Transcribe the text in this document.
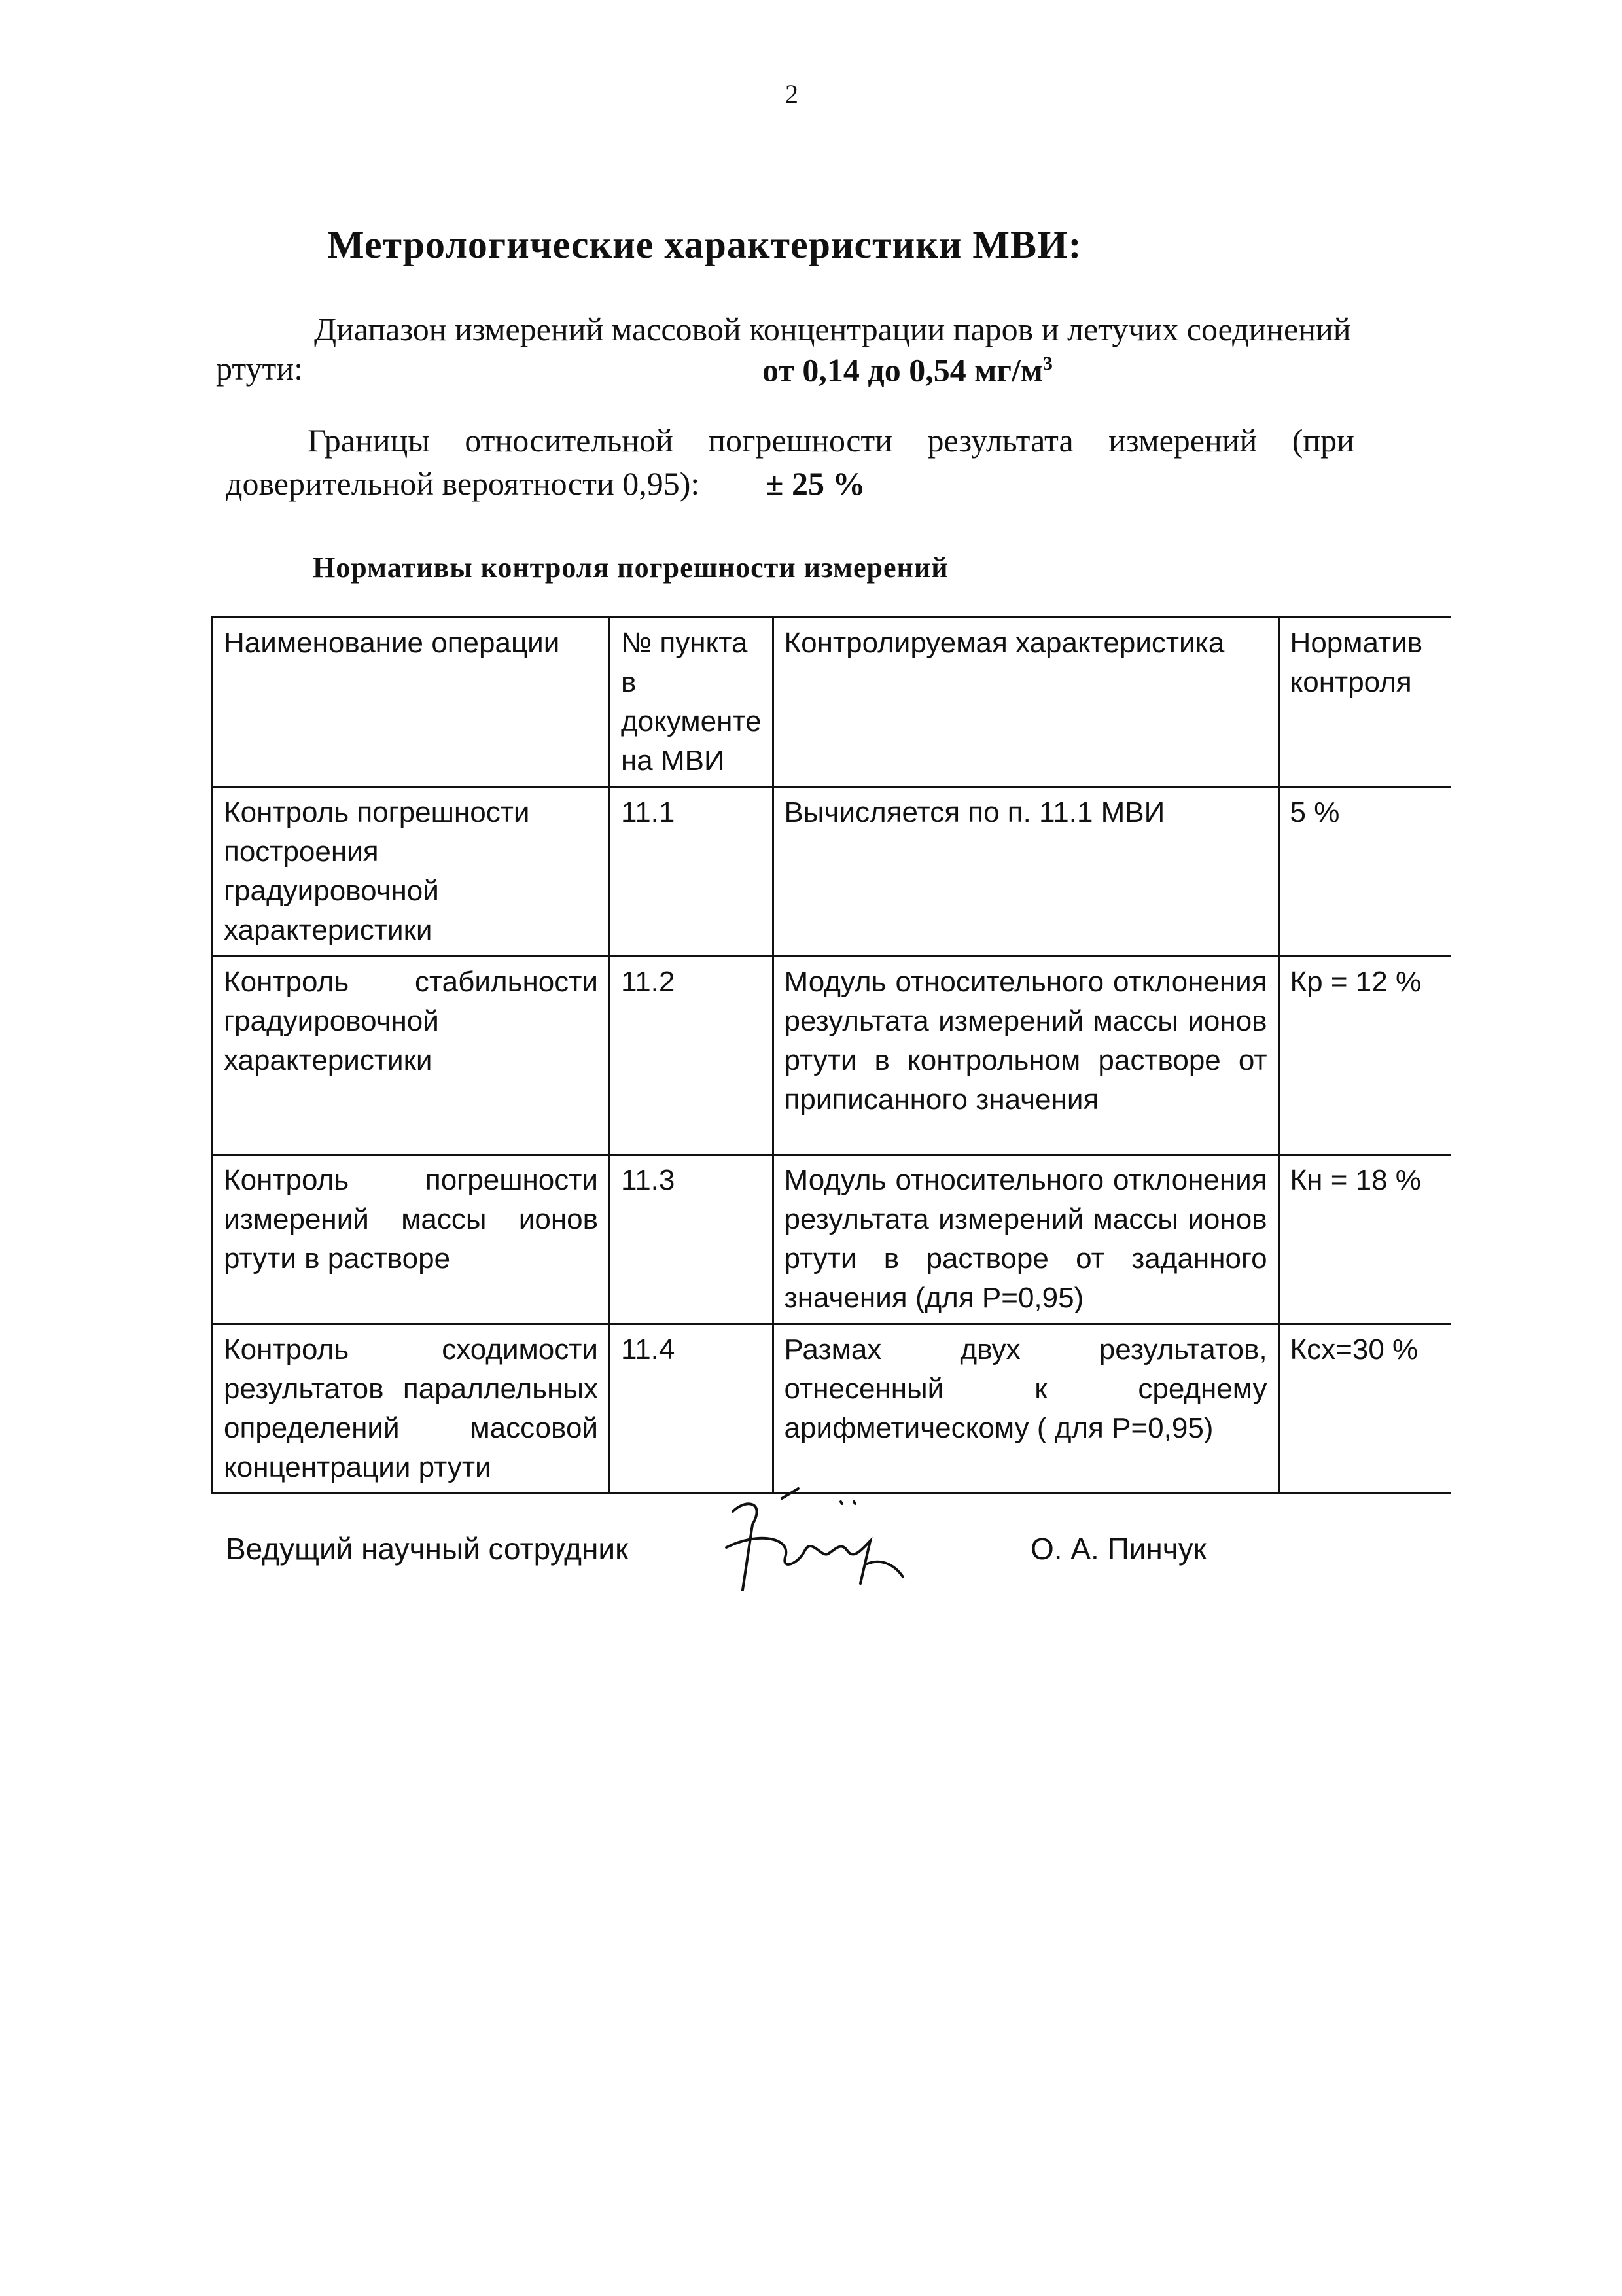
2
Метрологические характеристики МВИ:
Диапазон измерений массовой концентрации паров и летучих соединений
ртути:	от 0,14 до 0,54 $мг/м^3$
Границы относительной погрешности результата измерений (при
доверительной вероятности 0,95): ± 25 %
Нормативы контроля погрешности измерений
Наименование операции	№ пункта в документе на МВИ	Контролируемая характеристика	Норматив контроля
Контроль погрешности построения градуировочной характеристики	11.1	Вычисляется по п. 11.1 МВИ	5 %
Контроль стабильности градуировочной характеристики	11.2	Модуль относительного отклонения результата измерений массы ионов ртути в контрольном растворе от приписанного значения	Кр = 12 %
Контроль погрешности измерений массы ионов ртути в растворе	11.3	Модуль относительного отклонения результата измерений массы ионов ртути в растворе от заданного значения (для Р=0,95)	Кн = 18 %
Контроль сходимости результатов параллельных определений массовой концентрации ртути	11.4	Размах двух результатов, отнесенный к среднему арифметическому ( для Р=0,95)	Ксх=30 %
Ведущий научный сотрудник	О. А. Пинчук
